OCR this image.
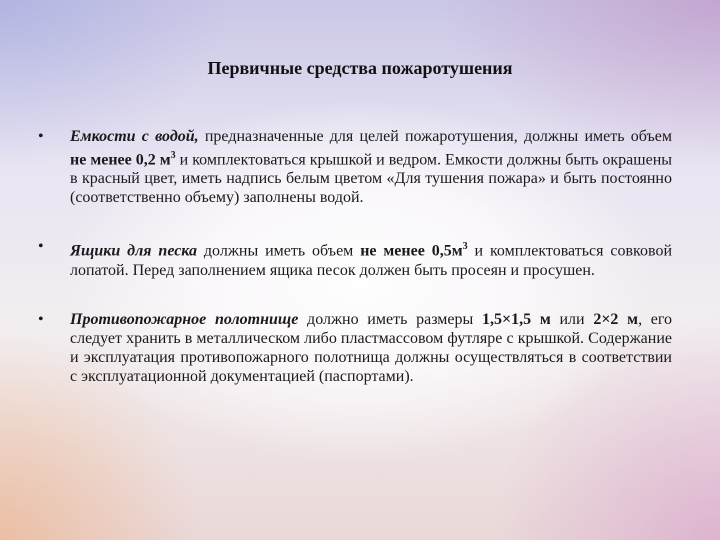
Первичные средства пожаротушения
• Емкости с водой, предназначенные для целей пожаротушения, должны иметь объем не менее 0,2 $м^3$ и комплектоваться крышкой и ведром. Емкости должны быть окрашены в красный цвет, иметь надпись белым цветом «Для тушения пожара» и быть постоянно (соответственно объему) заполнены водой.
• Ящики для песка должны иметь объем не менее $0,5м^3$ и комплектоваться совковой лопатой. Перед заполнением ящика песок должен быть просеян и просушен.
• Противопожарное полотнище должно иметь размеры 1,5×1,5 м или 2×2 м, его следует хранить в металлическом либо пластмассовом футляре с крышкой. Содержание и эксплуатация противопожарного полотнища должны осуществляться в соответствии с эксплуатационной документацией (паспортами).
